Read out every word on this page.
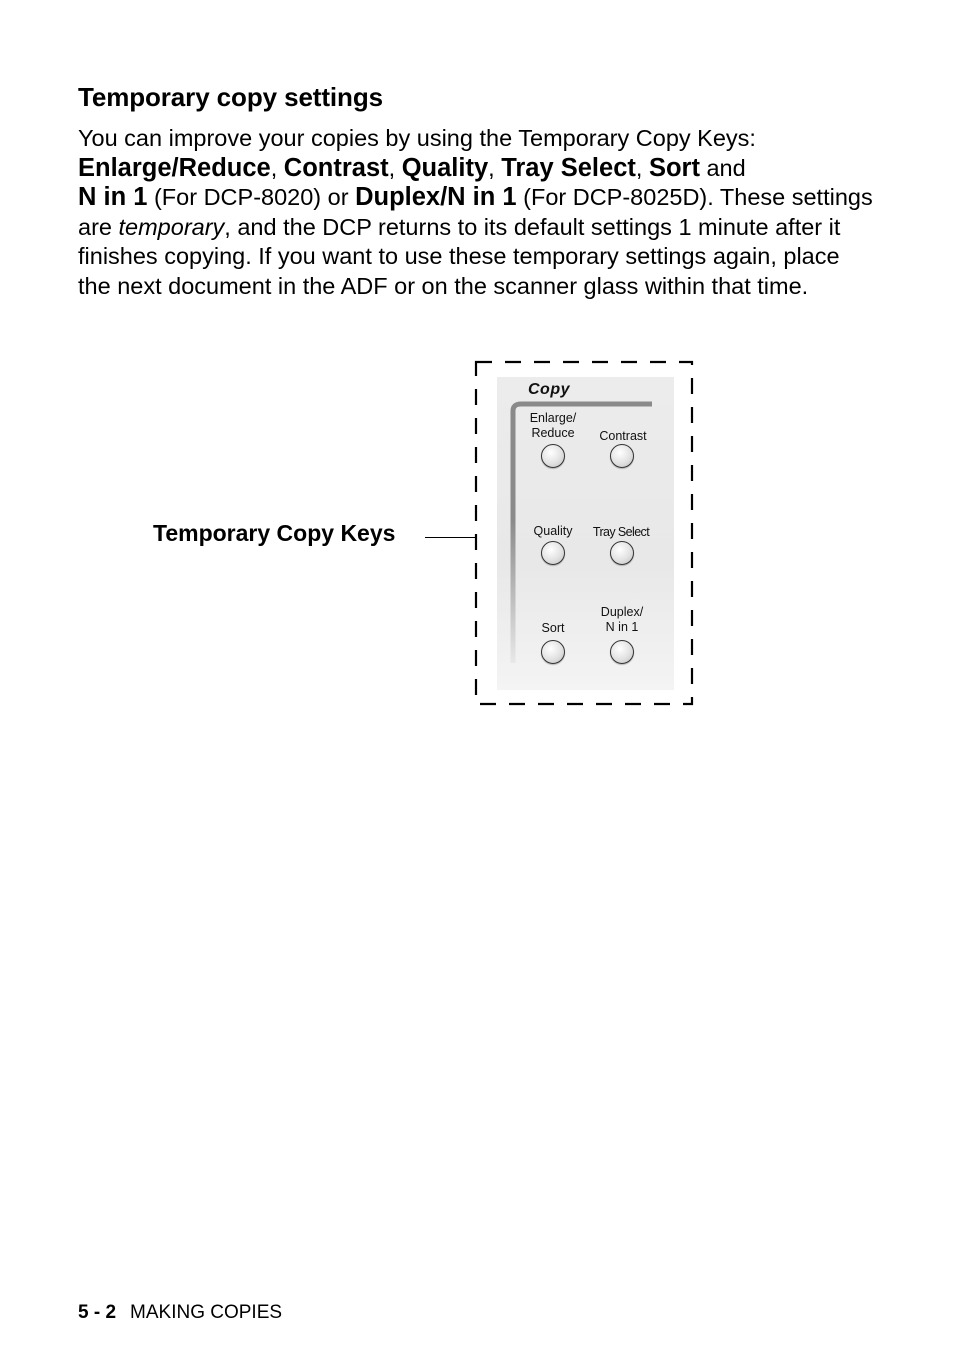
Temporary copy settings

You can improve your copies by using the Temporary Copy Keys:
Enlarge/Reduce, Contrast, Quality, Tray Select, Sort and
N in 1 (For DCP-8020) or Duplex/N in 1 (For DCP-8025D). These settings are temporary, and the DCP returns to its default settings 1 minute after it finishes copying. If you want to use these temporary settings again, place the next document in the ADF or on the scanner glass within that time.

Temporary Copy Keys
Copy
Enlarge/
Reduce	Contrast
Quality	Tray Select
Sort
Duplex/
N in 1
5 - 2 MAKING COPIES
